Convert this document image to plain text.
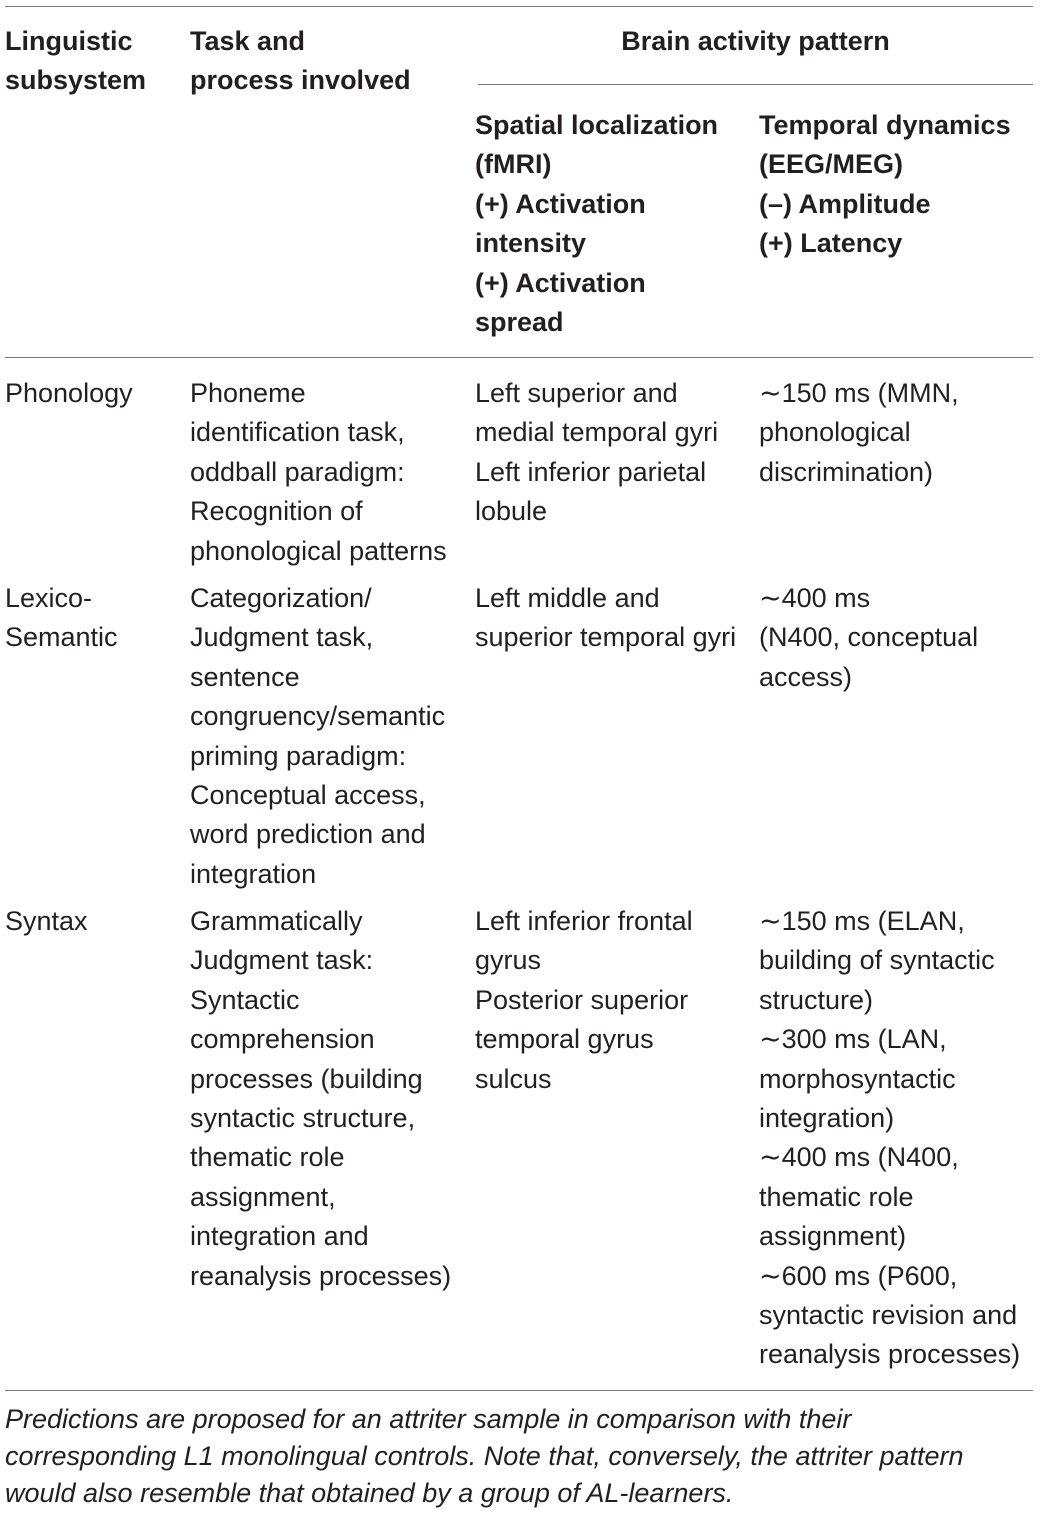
Linguistic
subsystem
Task and
process involved
Brain activity pattern
Spatial localization
(fMRI)
(+) Activation
intensity
(+) Activation
spread
Temporal dynamics
(EEG/MEG)
(–) Amplitude
(+) Latency
Phonology Phoneme
identification task,
oddball paradigm:
Recognition of
phonological patterns
Left superior and
medial temporal gyri
Left inferior parietal
lobule
∼150 ms (MMN,
phonological
discrimination)
Lexico-
Semantic
Categorization/
Judgment task,
sentence
congruency/semantic
priming paradigm:
Conceptual access,
word prediction and
integration
Left middle and
superior temporal gyri
∼400 ms
(N400, conceptual
access)
Syntax	Grammatically
Judgment task:
Syntactic
comprehension
processes (building
syntactic structure,
thematic role
assignment,
integration and
reanalysis processes)
Left inferior frontal
gyrus
Posterior superior
temporal gyrus
sulcus
∼150 ms (ELAN,
building of syntactic
structure)
∼300 ms (LAN,
morphosyntactic
integration)
∼400 ms (N400,
thematic role
assignment)
∼600 ms (P600,
syntactic revision and
reanalysis processes)
Predictions are proposed for an attriter sample in comparison with their
corresponding L1 monolingual controls. Note that, conversely, the attriter pattern
would also resemble that obtained by a group of AL-learners.
